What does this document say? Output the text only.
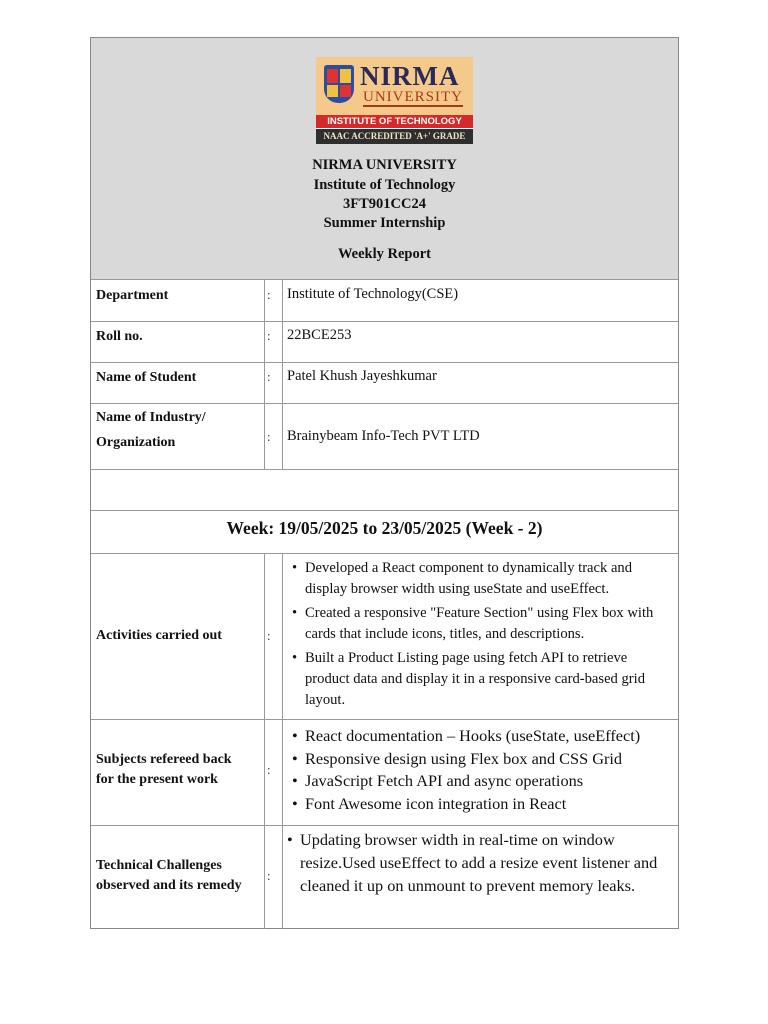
NIRMA
UNIVERSITY
INSTITUTE OF TECHNOLOGY
NAAC ACCREDITED 'A+' GRADE
NIRMA UNIVERSITY
Institute of Technology
3FT901CC24
Summer Internship
Weekly Report
Department	: Institute of Technology(CSE)
Roll no.	: 22BCE253
Name of Student	: Patel Khush Jayeshkumar
Name of Industry/
Organization	: Brainybeam Info-Tech PVT LTD
Week: 19/05/2025 to 23/05/2025 (Week - 2)
Activities carried out	:
• Developed a React component to dynamically track and display browser width using useState and useEffect.
• Created a responsive "Feature Section" using Flex box with cards that include icons, titles, and descriptions.
• Built a Product Listing page using fetch API to retrieve product data and display it in a responsive card-based grid layout.
Subjects refereed back
for the present work
:
• React documentation – Hooks (useState, useEffect)
• Responsive design using Flex box and CSS Grid
• JavaScript Fetch API and async operations
• Font Awesome icon integration in React
Technical Challenges
observed and its remedy
:
• Updating browser width in real-time on window resize.Used useEffect to add a resize event listener and cleaned it up on unmount to prevent memory leaks.
